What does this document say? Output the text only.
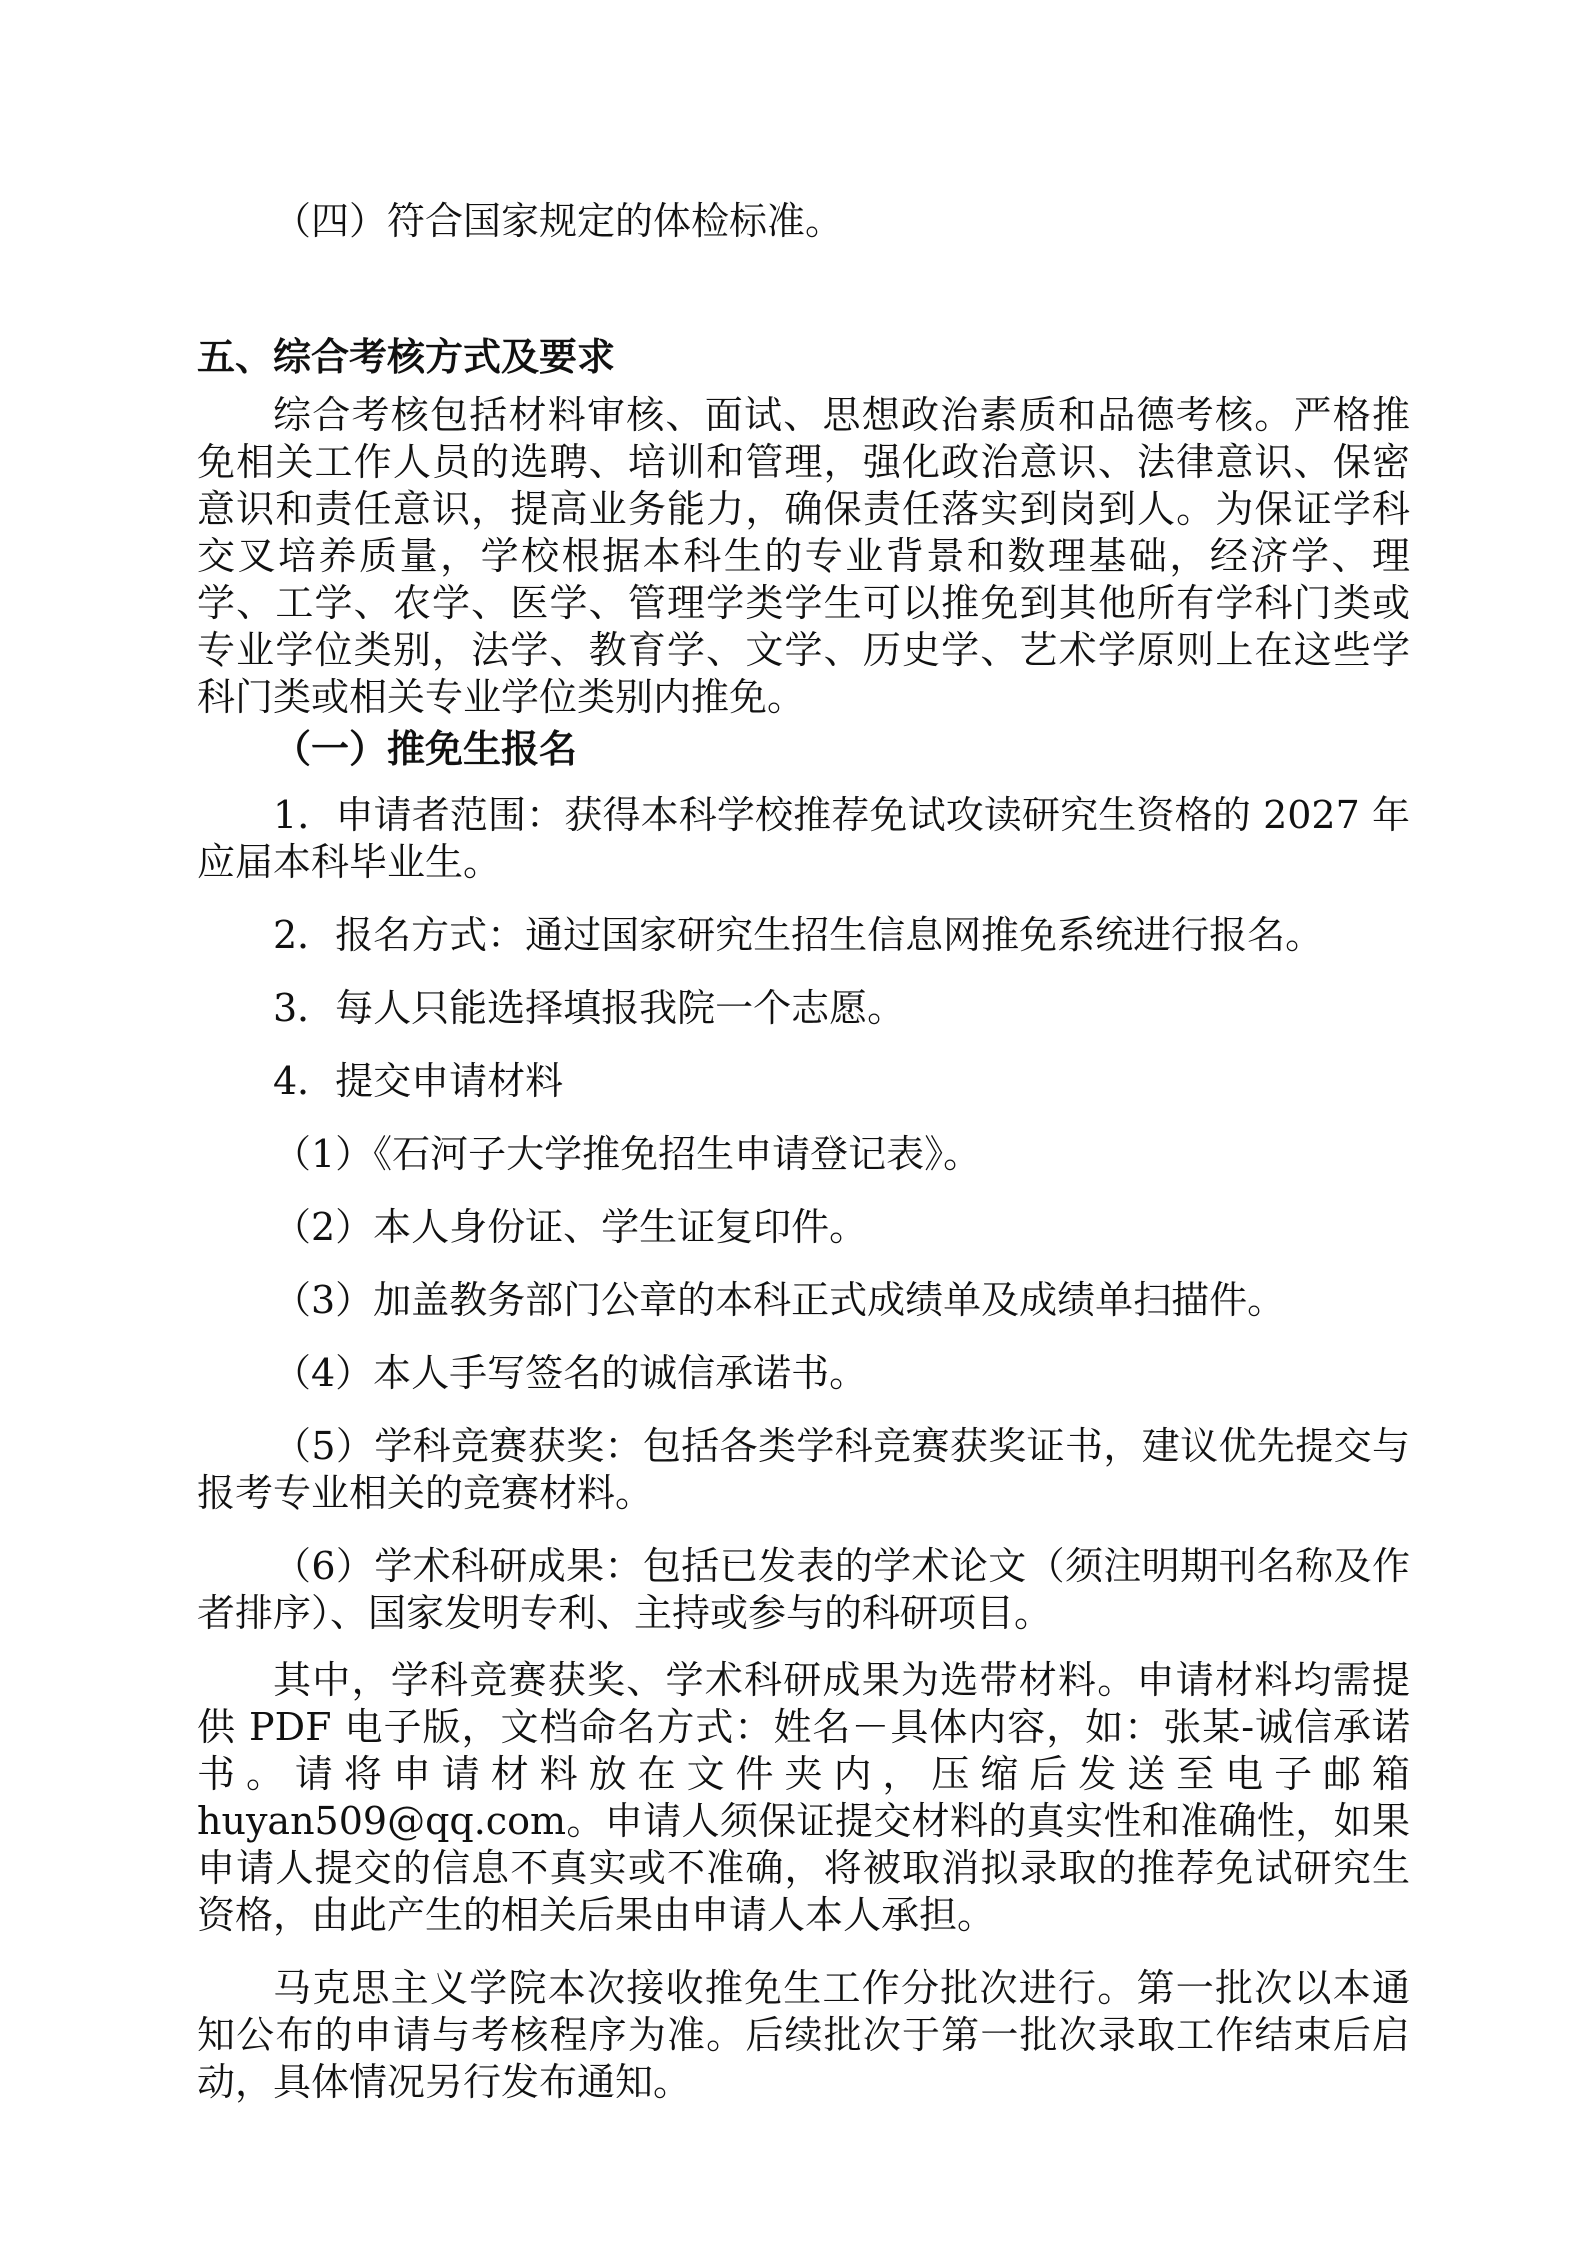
（四）符合国家规定的体检标准。

五、综合考核方式及要求

综合考核包括材料审核、面试、思想政治素质和品德考核。严格推免相关工作人员的选聘、培训和管理，强化政治意识、法律意识、保密意识和责任意识，提高业务能力，确保责任落实到岗到人。为保证学科交叉培养质量，学校根据本科生的专业背景和数理基础，经济学、理学、工学、农学、医学、管理学类学生可以推免到其他所有学科门类或专业学位类别，法学、教育学、文学、历史学、艺术学原则上在这些学科门类或相关专业学位类别内推免。

（一）推免生报名

1．申请者范围：获得本科学校推荐免试攻读研究生资格的 2027 年应届本科毕业生。

2．报名方式：通过国家研究生招生信息网推免系统进行报名。

3．每人只能选择填报我院一个志愿。

4．提交申请材料

（1）《石河子大学推免招生申请登记表》。

（2）本人身份证、学生证复印件。

（3）加盖教务部门公章的本科正式成绩单及成绩单扫描件。

（4）本人手写签名的诚信承诺书。

（5）学科竞赛获奖：包括各类学科竞赛获奖证书，建议优先提交与报考专业相关的竞赛材料。

（6）学术科研成果：包括已发表的学术论文（须注明期刊名称及作者排序）、国家发明专利、主持或参与的科研项目。

其中，学科竞赛获奖、学术科研成果为选带材料。申请材料均需提供 PDF 电子版，文档命名方式：姓名－具体内容，如：张某-诚信承诺书。请将申请材料放在文件夹内，压缩后发送至电子邮箱 huyan509@qq.com。申请人须保证提交材料的真实性和准确性，如果申请人提交的信息不真实或不准确，将被取消拟录取的推荐免试研究生资格，由此产生的相关后果由申请人本人承担。

马克思主义学院本次接收推免生工作分批次进行。第一批次以本通知公布的申请与考核程序为准。后续批次于第一批次录取工作结束后启动，具体情况另行发布通知。
